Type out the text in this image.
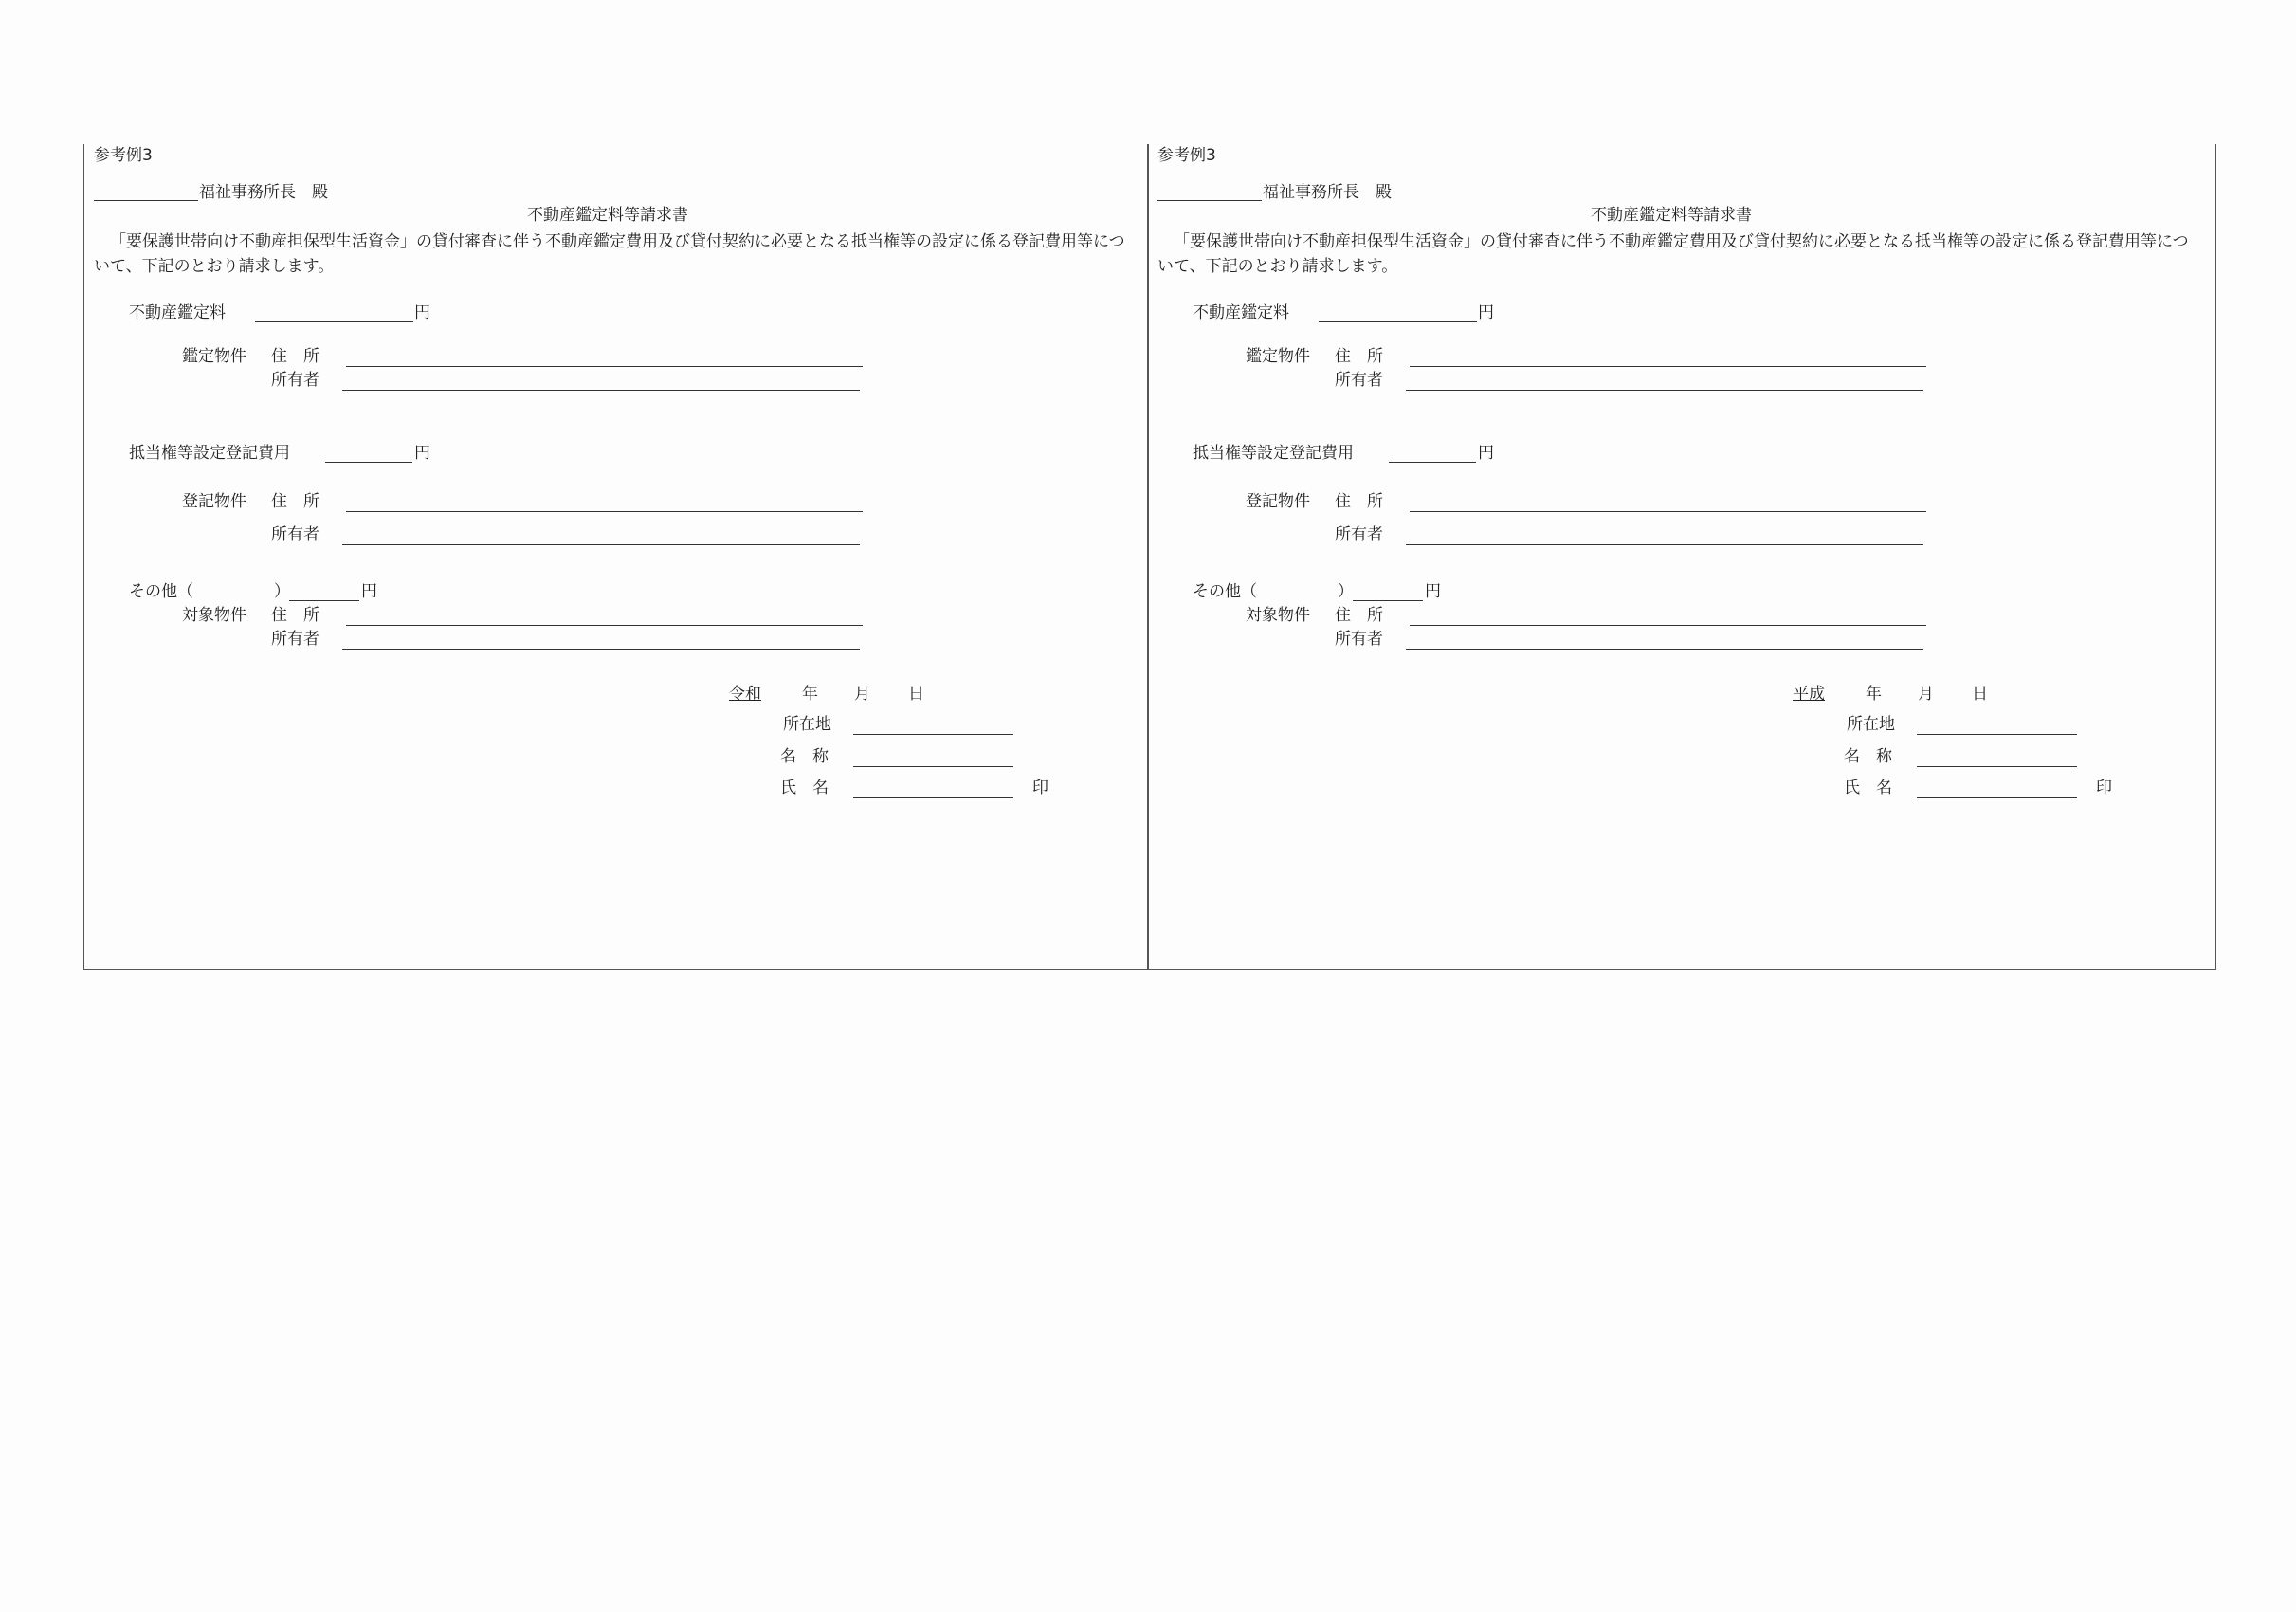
参考例3
福祉事務所長　殿
不動産鑑定料等請求書
「要保護世帯向け不動産担保型生活資金」の貸付審査に伴う不動産鑑定費用及び貸付契約に必要となる抵当権等の設定に係る登記費用等について、下記のとおり請求します。
不動産鑑定料	円
鑑定物件 住　所
所有者
抵当権等設定登記費用	円
登記物件 住　所
所有者
その他（　　　　　）	円
対象物件 住　所
所有者
令和	年 月 日
所在地
名　称
氏　名	印
参考例3
福祉事務所長　殿
不動産鑑定料等請求書
「要保護世帯向け不動産担保型生活資金」の貸付審査に伴う不動産鑑定費用及び貸付契約に必要となる抵当権等の設定に係る登記費用等について、下記のとおり請求します。
不動産鑑定料	円
鑑定物件 住　所
所有者
抵当権等設定登記費用	円
登記物件 住　所
所有者
その他（　　　　　）	円
対象物件 住　所
所有者
平成	年 月 日
所在地
名　称
氏　名	印
